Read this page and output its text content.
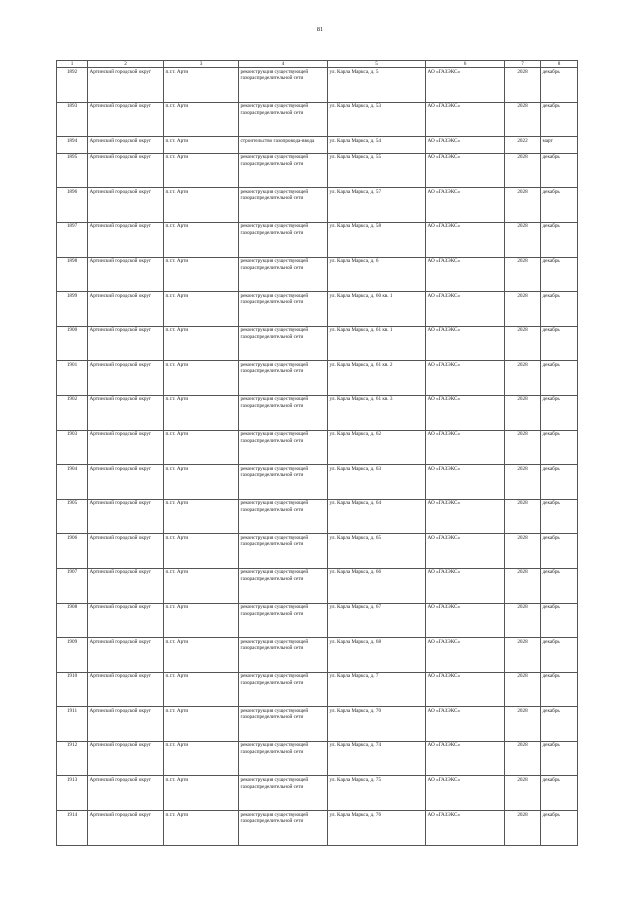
81
1	2	3	4	5	6	7	8
1892	Артинский городской округ	п.г.т. Арти	реконструкция существующей газораспределительной сети	ул. Карла Маркса, д. 5	АО «ГАЗЭКС»	2028	декабрь
1893	Артинский городской округ	п.г.т. Арти	реконструкция существующей газораспределительной сети	ул. Карла Маркса, д. 53	АО «ГАЗЭКС»	2028	декабрь
1894	Артинский городской округ	п.г.т. Арти	строительство газопровода-ввода	ул. Карла Маркса, д. 54	АО «ГАЗЭКС»	2022	март
1895	Артинский городской округ	п.г.т. Арти	реконструкция существующей газораспределительной сети	ул. Карла Маркса, д. 55	АО «ГАЗЭКС»	2028	декабрь
1896	Артинский городской округ	п.г.т. Арти	реконструкция существующей газораспределительной сети	ул. Карла Маркса, д. 57	АО «ГАЗЭКС»	2028	декабрь
1897	Артинский городской округ	п.г.т. Арти	реконструкция существующей газораспределительной сети	ул. Карла Маркса, д. 58	АО «ГАЗЭКС»	2028	декабрь
1898	Артинский городской округ	п.г.т. Арти	реконструкция существующей газораспределительной сети	ул. Карла Маркса, д. 6	АО «ГАЗЭКС»	2028	декабрь
1899	Артинский городской округ	п.г.т. Арти	реконструкция существующей газораспределительной сети	ул. Карла Маркса, д. 60 кв. 1	АО «ГАЗЭКС»	2028	декабрь
1900	Артинский городской округ	п.г.т. Арти	реконструкция существующей газораспределительной сети	ул. Карла Маркса, д. 61 кв. 1	АО «ГАЗЭКС»	2028	декабрь
1901	Артинский городской округ	п.г.т. Арти	реконструкция существующей газораспределительной сети	ул. Карла Маркса, д. 61 кв. 2	АО «ГАЗЭКС»	2028	декабрь
1902	Артинский городской округ	п.г.т. Арти	реконструкция существующей газораспределительной сети	ул. Карла Маркса, д. 61 кв. 3	АО «ГАЗЭКС»	2028	декабрь
1903	Артинский городской округ	п.г.т. Арти	реконструкция существующей газораспределительной сети	ул. Карла Маркса, д. 62	АО «ГАЗЭКС»	2028	декабрь
1904	Артинский городской округ	п.г.т. Арти	реконструкция существующей газораспределительной сети	ул. Карла Маркса, д. 63	АО «ГАЗЭКС»	2028	декабрь
1905	Артинский городской округ	п.г.т. Арти	реконструкция существующей газораспределительной сети	ул. Карла Маркса, д. 64	АО «ГАЗЭКС»	2028	декабрь
1906	Артинский городской округ	п.г.т. Арти	реконструкция существующей газораспределительной сети	ул. Карла Маркса, д. 65	АО «ГАЗЭКС»	2028	декабрь
1907	Артинский городской округ	п.г.т. Арти	реконструкция существующей газораспределительной сети	ул. Карла Маркса, д. 66	АО «ГАЗЭКС»	2028	декабрь
1908	Артинский городской округ	п.г.т. Арти	реконструкция существующей газораспределительной сети	ул. Карла Маркса, д. 67	АО «ГАЗЭКС»	2028	декабрь
1909	Артинский городской округ	п.г.т. Арти	реконструкция существующей газораспределительной сети	ул. Карла Маркса, д. 68	АО «ГАЗЭКС»	2028	декабрь
1910	Артинский городской округ	п.г.т. Арти	реконструкция существующей газораспределительной сети	ул. Карла Маркса, д. 7	АО «ГАЗЭКС»	2028	декабрь
1911	Артинский городской округ	п.г.т. Арти	реконструкция существующей газораспределительной сети	ул. Карла Маркса, д. 70	АО «ГАЗЭКС»	2028	декабрь
1912	Артинский городской округ	п.г.т. Арти	реконструкция существующей газораспределительной сети	ул. Карла Маркса, д. 74	АО «ГАЗЭКС»	2028	декабрь
1913	Артинский городской округ	п.г.т. Арти	реконструкция существующей газораспределительной сети	ул. Карла Маркса, д. 75	АО «ГАЗЭКС»	2028	декабрь
1914	Артинский городской округ	п.г.т. Арти	реконструкция существующей газораспределительной сети	ул. Карла Маркса, д. 76	АО «ГАЗЭКС»	2028	декабрь
